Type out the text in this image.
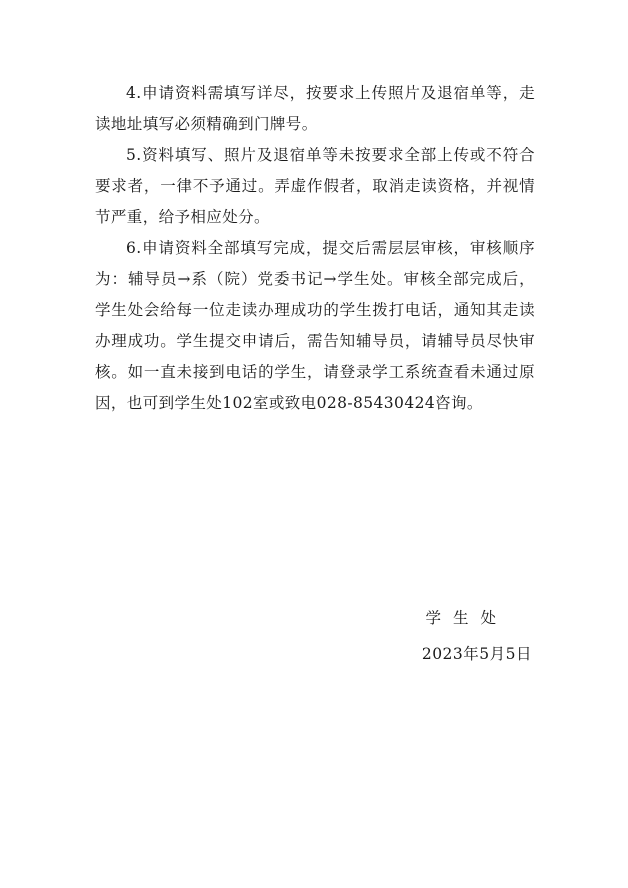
4.申请资料需填写详尽，按要求上传照片及退宿单等，走读地址填写必须精确到门牌号。

5.资料填写、照片及退宿单等未按要求全部上传或不符合要求者，一律不予通过。弄虚作假者，取消走读资格，并视情节严重，给予相应处分。

6.申请资料全部填写完成，提交后需层层审核，审核顺序为：辅导员→系（院）党委书记→学生处。审核全部完成后，学生处会给每一位走读办理成功的学生拨打电话，通知其走读办理成功。学生提交申请后，需告知辅导员，请辅导员尽快审核。如一直未接到电话的学生，请登录学工系统查看未通过原因，也可到学生处102室或致电028-85430424咨询。

学生处
2023年5月5日
